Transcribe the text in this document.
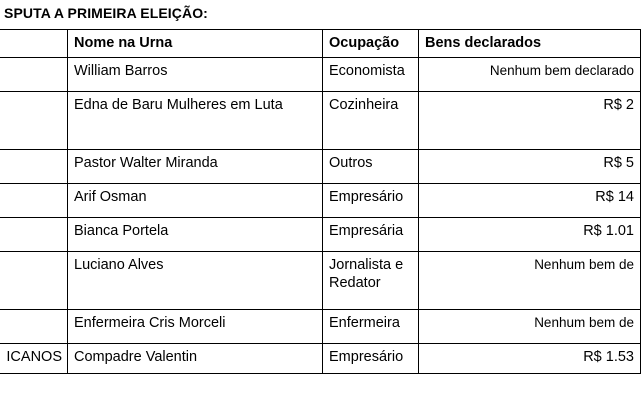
SPUTA A PRIMEIRA ELEIÇÃO:
	Nome na Urna	Ocupação	Bens declarados
	William Barros	Economista	Nenhum bem declarado
	Edna de Baru Mulheres em Luta	Cozinheira	R$ 2
	Pastor Walter Miranda	Outros	R$ 5
	Arif Osman	Empresário	R$ 14
	Bianca Portela	Empresária	R$ 1.01
	Luciano Alves	Jornalista e Redator	Nenhum bem de
	Enfermeira Cris Morceli	Enfermeira	Nenhum bem de
ICANOS	Compadre Valentin	Empresário	R$ 1.53
